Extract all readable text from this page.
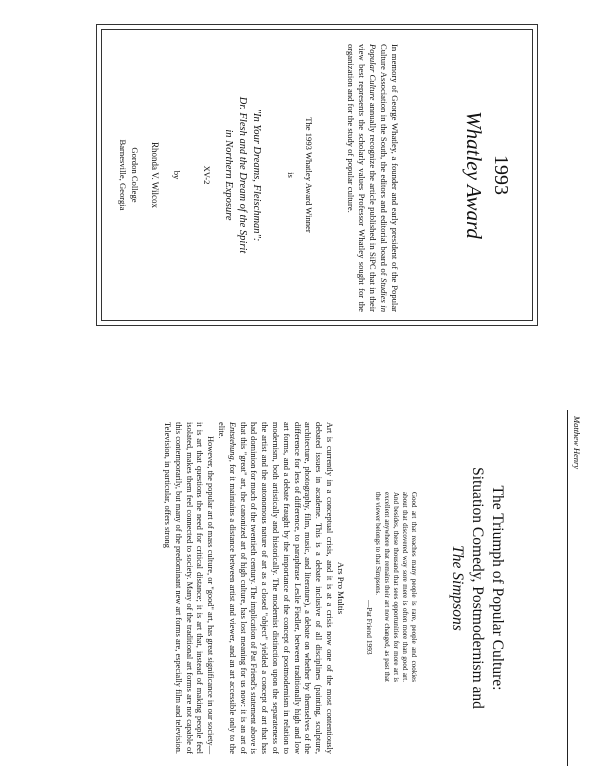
1993
Whatley Award
In memory of George Whatley, a founder and early president of the Popular Culture Association in the South, the editors and editorial board of Studies in Popular Culture annually recognize the article published in SiPC that in their view best represents the scholarly values Professor Whatley sought for the organization and for the study of popular culture.
The 1993 Whatley Award Winner
is
"In Your Dreams, Fleischman":
Dr. Flesh and the Dream of the Spirit
in Northern Exposure
XV-2
by
Rhonda V. Wilcox
Gordon College
Barnesville, Georgia
Matthew Henry
The Triumph of Popular Culture:
Situation Comedy, Postmodernism and
The Simpsons
Good art that reaches many people is rare, people and cookies about that discovered way sore mere is often more than good art. And besides, these thousand that sees opportunities for more art is excellent anywhere that remains their art now changed, as past that the viewer belongs to that Simpsons.
—Pat Friend 1993
Ars Pro Multis

Art is currently in a conceptual crisis, and it is at a crisis now one of the most contentiously debated issues in academe. This is a debate inclusive of all disciplines (painting, sculpture, architecture, photography, film, music, and literature), a debate on whether by themselves of the difference for less of difference, to paraphrase Leslie Fiedler, between traditionally high and low art forms, and a debate fraught by the importance of the concept of postmodernism in relation to modernism, both artistically and historically. The modernist distinction upon the separateness of the artist and the autonomous nature of art as a closed "object" yielded a concept of art that has had dominion for much of the twentieth century. The implication of Pat Friend's statement above is that this "great" art, the canonized art of high culture, has lost meaning for us now: it is an art of Entstehung, for it maintains a distance between artist and viewer, and an art accessible only to the elite.

However, the popular art of mass culture, or "good" art, has great significance in our society—it is art that questions the need for critical distance; it is art that, instead of making people feel isolated, makes them feel connected to society. Many of the traditional art forms are not capable of this contemporarily, but many of the predominant new art forms are, especially film and television. Television, in particular, offers strong
